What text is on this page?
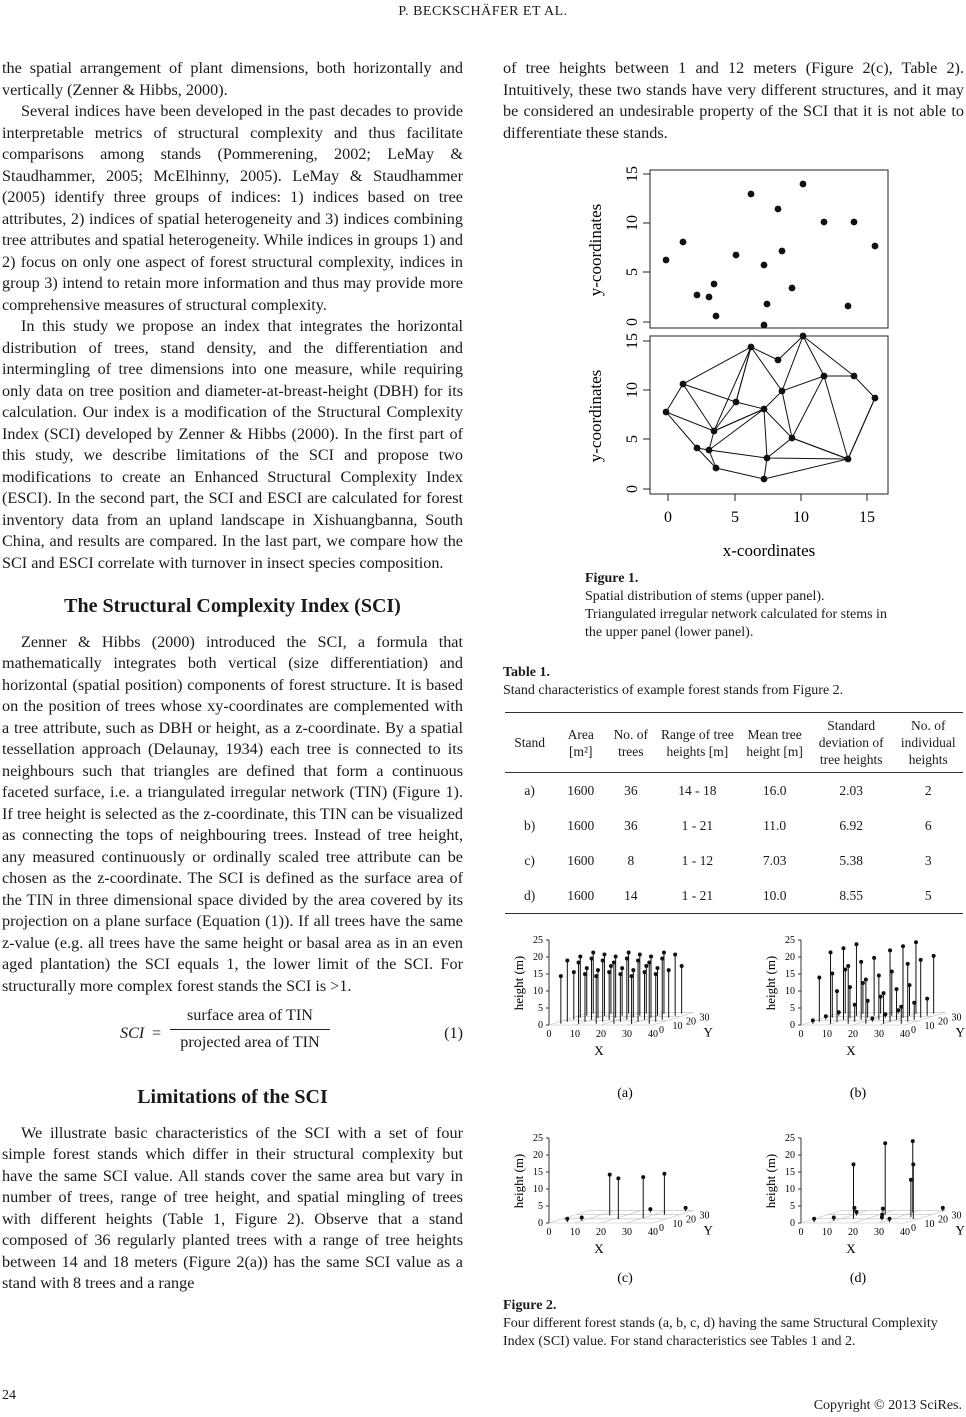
P. BECKSCHÄFER ET AL.

the spatial arrangement of plant dimensions, both horizontally and vertically (Zenner & Hibbs, 2000).

Several indices have been developed in the past decades to provide interpretable metrics of structural complexity and thus facilitate comparisons among stands (Pommerening, 2002; LeMay & Staudhammer, 2005; McElhinny, 2005). LeMay & Staudhammer (2005) identify three groups of indices: 1) indices based on tree attributes, 2) indices of spatial heterogeneity and 3) indices combining tree attributes and spatial heterogeneity. While indices in groups 1) and 2) focus on only one aspect of forest structural complexity, indices in group 3) intend to retain more information and thus may provide more comprehensive measures of structural complexity.

In this study we propose an index that integrates the horizontal distribution of trees, stand density, and the differentiation and intermingling of tree dimensions into one measure, while requiring only data on tree position and diameter-at-breast-height (DBH) for its calculation. Our index is a modification of the Structural Complexity Index (SCI) developed by Zenner & Hibbs (2000). In the first part of this study, we describe limitations of the SCI and propose two modifications to create an Enhanced Structural Complexity Index (ESCI). In the second part, the SCI and ESCI are calculated for forest inventory data from an upland landscape in Xishuangbanna, South China, and results are compared. In the last part, we compare how the SCI and ESCI correlate with turnover in insect species composition.

The Structural Complexity Index (SCI)

Zenner & Hibbs (2000) introduced the SCI, a formula that mathematically integrates both vertical (size differentiation) and horizontal (spatial position) components of forest structure. It is based on the position of trees whose xy-coordinates are complemented with a tree attribute, such as DBH or height, as a z-coordinate. By a spatial tessellation approach (Delaunay, 1934) each tree is connected to its neighbours such that triangles are defined that form a continuous faceted surface, i.e. a triangulated irregular network (TIN) (Figure 1). If tree height is selected as the z-coordinate, this TIN can be visualized as connecting the tops of neighbouring trees. Instead of tree height, any measured continuously or ordinally scaled tree attribute can be chosen as the z-coordinate. The SCI is defined as the surface area of the TIN in three dimensional space divided by the area covered by its projection on a plane surface (Equation (1)). If all trees have the same z-value (e.g. all trees have the same height or basal area as in an even aged plantation) the SCI equals 1, the lower limit of the SCI. For structurally more complex forest stands the SCI is >1.

SCI =
surface area of TIN
projected area of TIN	(1)
Limitations of the SCI

We illustrate basic characteristics of the SCI with a set of four simple forest stands which differ in their structural complexity but have the same SCI value. All stands cover the same area but vary in number of trees, range of tree height, and spatial mingling of trees with different heights (Table 1, Figure 2). Observe that a stand composed of 36 regularly planted trees with a range of tree heights between 14 and 18 meters (Figure 2(a)) has the same SCI value as a stand with 8 trees and a range

of tree heights between 1 and 12 meters (Figure 2(c), Table 2). Intuitively, these two stands have very different structures, and it may be considered an undesirable property of the SCI that it is not able to differentiate these stands.

0
5
10
15
0
5
10
15
0	5	10	15
y-coordinates
y-coordinates
x-coordinates
Figure 1.
Spatial distribution of stems (upper panel). Triangulated irregular network calculated for stems in the upper panel (lower panel).
Table 1.
Stand characteristics of example forest stands from Figure 2.
Stand	Area [m²]	No. of trees	Range of tree heights [m]	Mean tree height [m]	Standard deviation of tree heights	No. of individual heights
a)	1600	36	14 - 18	16.0	2.03	2
b)	1600	36	1 - 21	11.0	6.92	6
c)	1600	8	1 - 12	7.03	5.38	3
d)	1600	14	1 - 21	10.0	8.55	5
0
5
10
15
20
25
0 10 20 30 40 0 10 20 30
height (m)
X
Y	0
5
10
15
20
25
0 10 20 30 40 0 10 20 30
height (m)
X
Y
0
5
10
15
20
25
0 10 20 30 40 0 10 20 30
height (m)
X
Y	0
5
10
15
20
25
0 10 20 30 40 0 10 20 30
height (m)
X
Y
(a)	(b)
(c)	(d)
Figure 2.
Four different forest stands (a, b, c, d) having the same Structural Complexity Index (SCI) value. For stand characteristics see Tables 1 and 2.
24
Copyright © 2013 SciRes.
